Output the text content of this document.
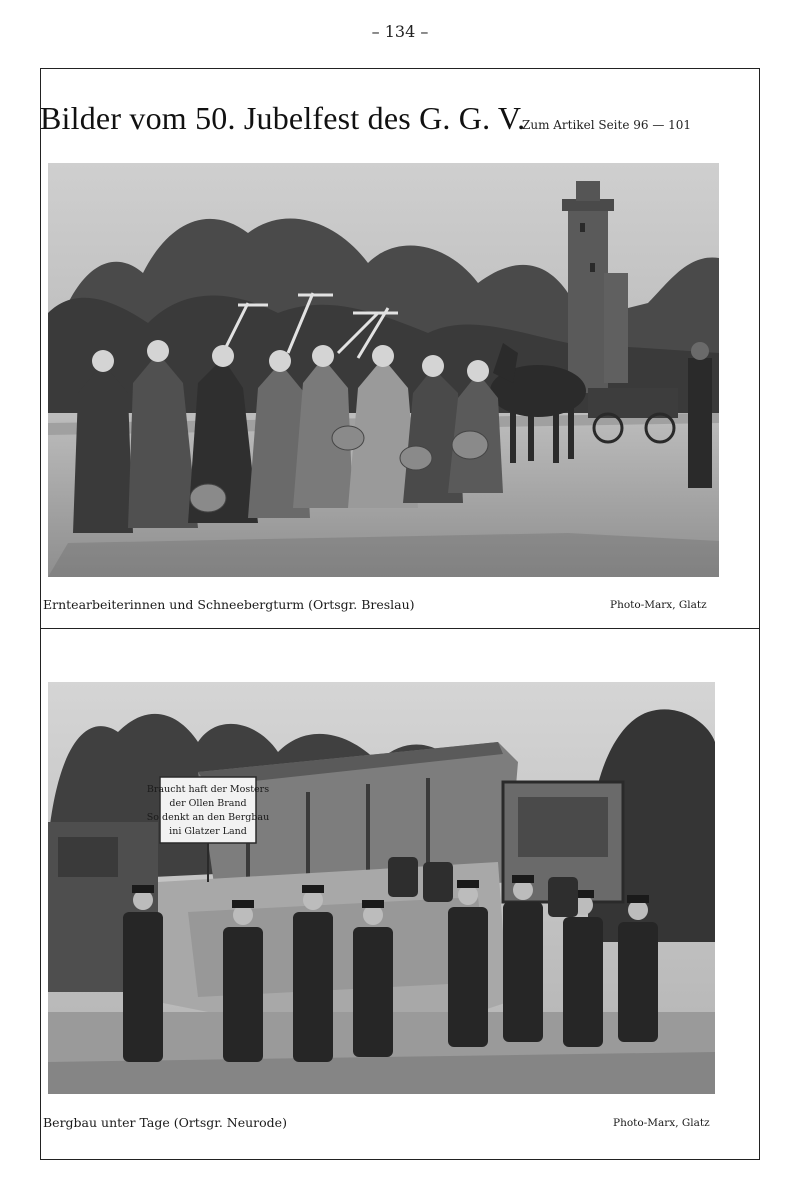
– 134 –
Bilder vom 50. Jubelfest des G. G. V.
Zum Artikel Seite 96 — 101
Erntearbeiterinnen und Schneebergturm (Ortsgr. Breslau)	Photo-Marx, Glatz
Braucht haft der Mosters
der Ollen Brand
So denkt an den Bergbau
ini Glatzer Land
Bergbau unter Tage (Ortsgr. Neurode)	Photo-Marx, Glatz
